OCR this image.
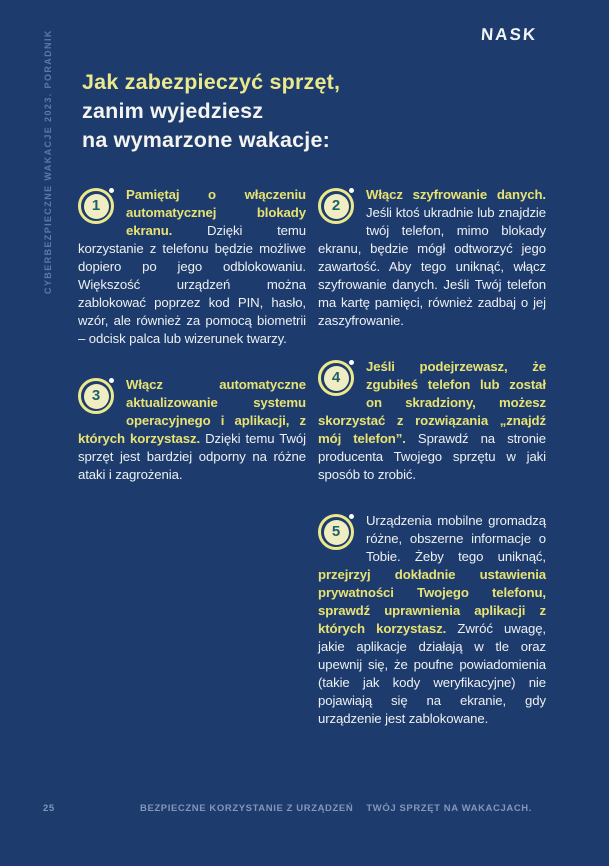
NASK
CYBERBEZPIECZNE WAKACJE 2023. PORADNIK Jak zabezpieczyć sprzęt,
zanim wyjedziesz
na wymarzone wakacje:
1
Pamiętaj o włączeniu automatycznej blokady ekranu. Dzięki temu korzystanie z telefonu będzie możliwe dopiero po jego odblokowaniu. Większość urządzeń można zablokować poprzez kod PIN, hasło, wzór, ale również za pomocą biometrii – odcisk palca lub wizerunek twarzy.
3
Włącz automatyczne aktualizowanie systemu operacyjnego i aplikacji, z których korzystasz. Dzięki temu Twój sprzęt jest bardziej odporny na różne ataki i zagrożenia.
2
Włącz szyfrowanie danych. Jeśli ktoś ukradnie lub znajdzie twój telefon, mimo blokady ekranu, będzie mógł odtworzyć jego zawartość. Aby tego uniknąć, włącz szyfrowanie danych. Jeśli Twój telefon ma kartę pamięci, również zadbaj o jej zaszyfrowanie.
4
Jeśli podejrzewasz, że zgubiłeś telefon lub został on skradziony, możesz skorzystać z rozwiązania „znajdź mój telefon”. Sprawdź na stronie producenta Twojego sprzętu w jaki sposób to zrobić.
5
Urządzenia mobilne gromadzą różne, obszerne informacje o Tobie. Żeby tego uniknąć, przejrzyj dokładnie ustawienia prywatności Twojego telefonu, sprawdź uprawnienia aplikacji z których korzystasz. Zwróć uwagę, jakie aplikacje działają w tle oraz upewnij się, że poufne powiadomienia (takie jak kody weryfikacyjne) nie pojawiają się na ekranie, gdy urządzenie jest zablokowane.
25	BEZPIECZNE KORZYSTANIE Z URZĄDZEŃ TWÓJ SPRZĘT NA WAKACJACH.
